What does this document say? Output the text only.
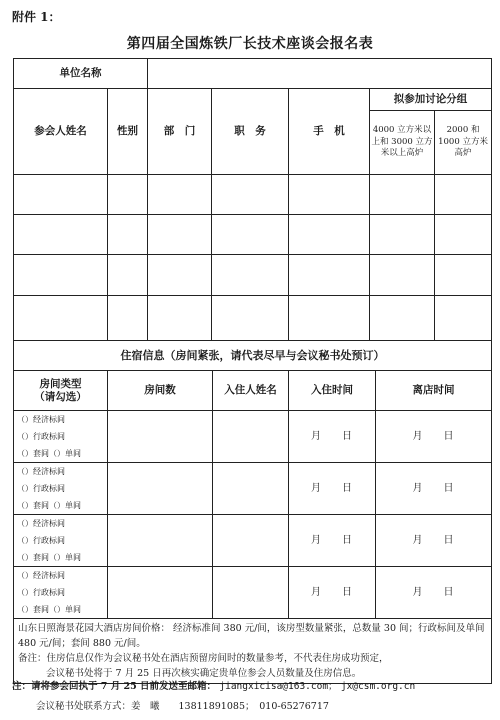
附件 1：
第四届全国炼铁厂长技术座谈会报名表
单位名称						
参会人姓名	性别	部　门	职　务	手　机	拟参加讨论分组	
					4000 立方米以上和 3000 立方米以上高炉	2000 和 1000 立方米高炉

住宿信息（房间紧张，请代表尽早与会议秘书处预订）				
房间类型
（请勾选）	房间数	入住人姓名	入住时间	离店时间

（）经济标间
（）行政标间
（）套间（）单间			月 日	月 日

（）经济标间
（）行政标间
（）套间（）单间			月 日	月 日

（）经济标间
（）行政标间
（）套间（）单间			月 日	月 日

（）经济标间
（）行政标间
（）套间（）单间			月 日	月 日
山东日照海景花园大酒店房间价格： 经济标准间 380 元/间，该房型数量紧张，总数量 30 间；行政标间及单间 480 元/间；套间 880 元/间。
备注：住房信息仅作为会议秘书处在酒店预留房间时的数量参考，不代表住房成功预定，
会议秘书处将于 7 月 25 日再次核实确定贵单位参会人员数量及住房信息。				
注：请将参会回执于 7 月 25 日前发送至邮箱： jiangxicisa@163.com； jx@csm.org.cn
会议秘书处联系方式：姜　曦　　13811891085；　010-65276717
